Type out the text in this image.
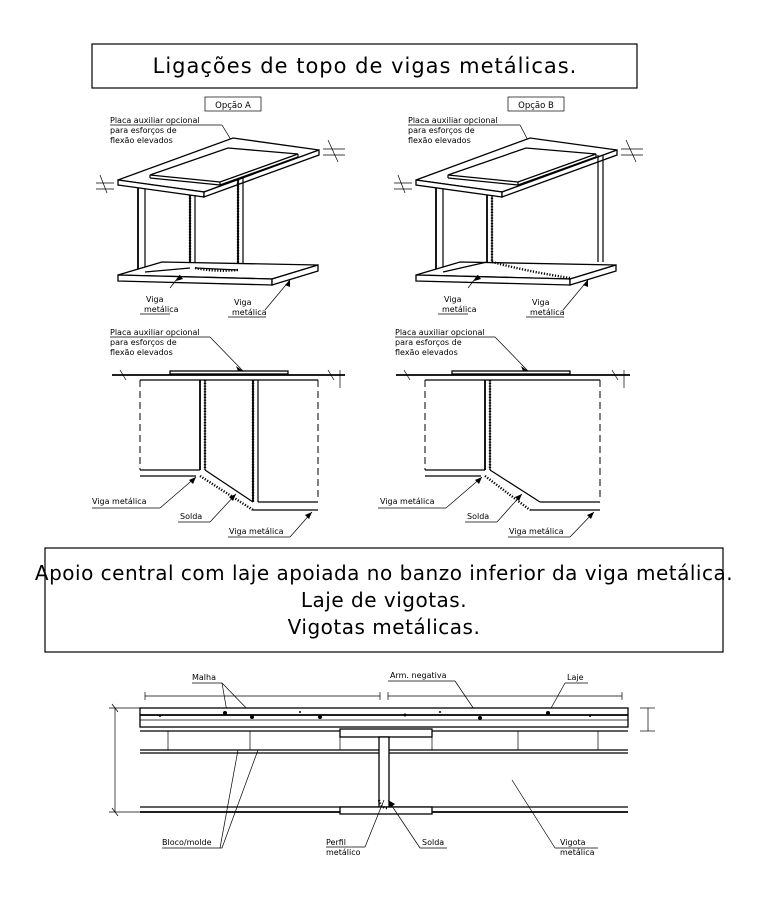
Ligações de topo de vigas metálicas.
Opção A	Opção B
Placa auxiliar opcional
para esforços de
flexão elevados
Viga
metálica
Viga
metálica
Placa auxiliar opcional
para esforços de
flexão elevados
Viga
metálica
Viga
metálica
Placa auxiliar opcional
para esforços de
flexão elevados
Viga metálica
Solda
Viga metálica
Placa auxiliar opcional
para esforços de
flexão elevados
Viga metálica
Solda
Viga metálica
Apoio central com laje apoiada no banzo inferior da viga metálica.
Laje de vigotas.
Vigotas metálicas.
Malha	Arm. negativa	Laje
Bloco/molde	Perfil
metálico
Solda	Vigota
metálica
